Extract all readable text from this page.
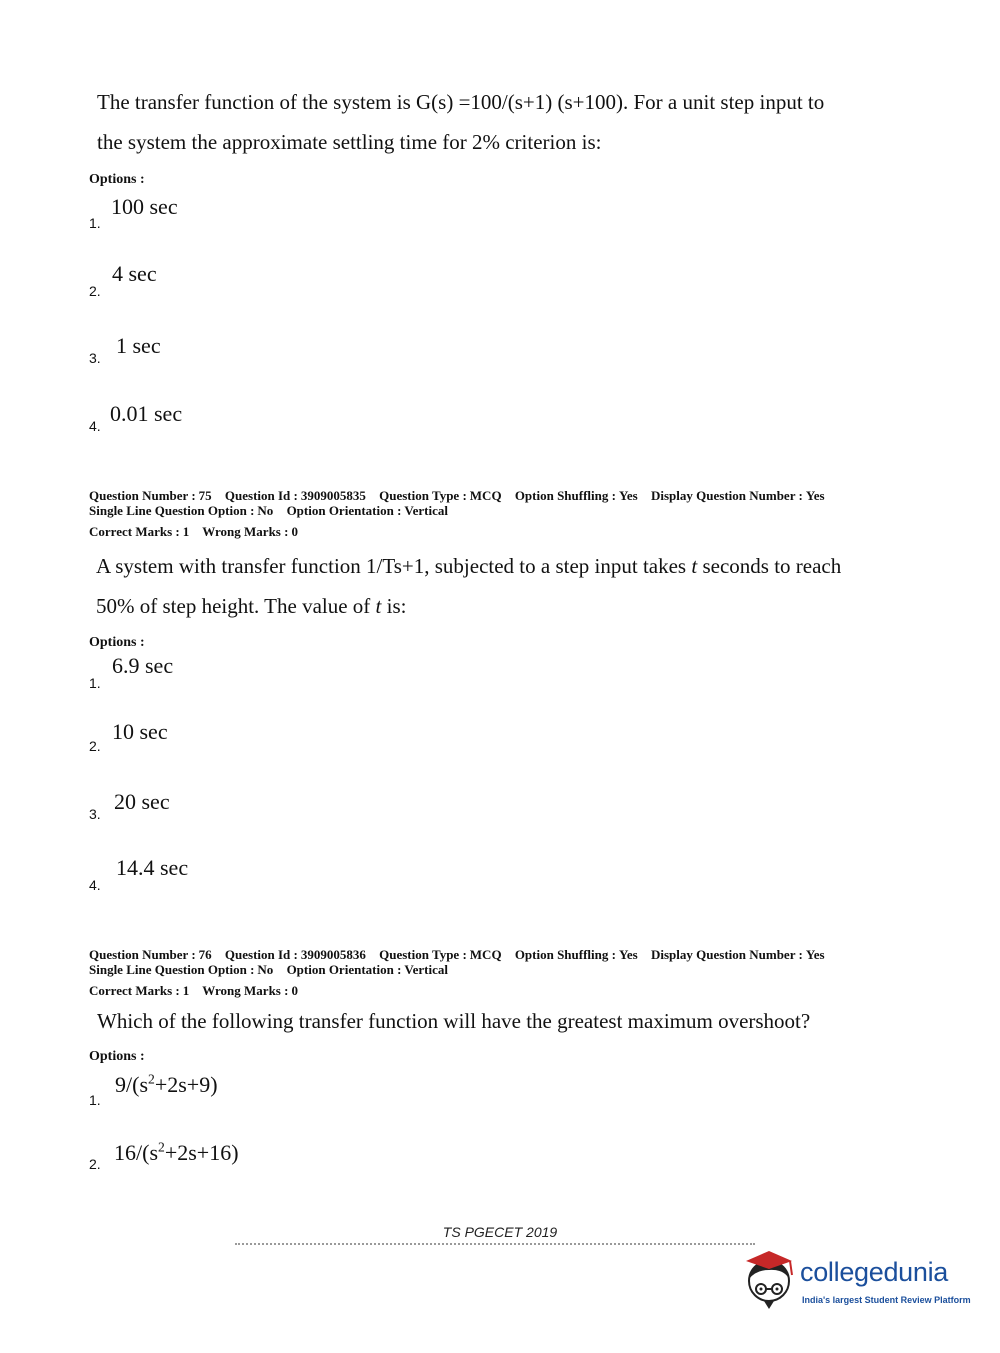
The transfer function of the system is G(s) =100/(s+1) (s+100). For a unit step input to
the system the approximate settling time for 2% criterion is:
Options :
1.
100 sec
2.
4 sec
3. 1 sec
4. 0.01 sec
Question Number : 75 Question Id : 3909005835 Question Type : MCQ Option Shuffling : Yes Display Question Number : Yes
Single Line Question Option : No Option Orientation : Vertical
Correct Marks : 1 Wrong Marks : 0
A system with transfer function 1/Ts+1, subjected to a step input takes t seconds to reach
50% of step height. The value of t is:
Options :
1.
6.9 sec
2.
10 sec
3. 20 sec
4.
14.4 sec
Question Number : 76 Question Id : 3909005836 Question Type : MCQ Option Shuffling : Yes Display Question Number : Yes
Single Line Question Option : No Option Orientation : Vertical
Correct Marks : 1 Wrong Marks : 0
Which of the following transfer function will have the greatest maximum overshoot?
Options :
1.
$9/(s^2+2s+9)$
2. $16/(s^2+2s+16)$
TS PGECET 2019
collegedunia
India's largest Student Review Platform
